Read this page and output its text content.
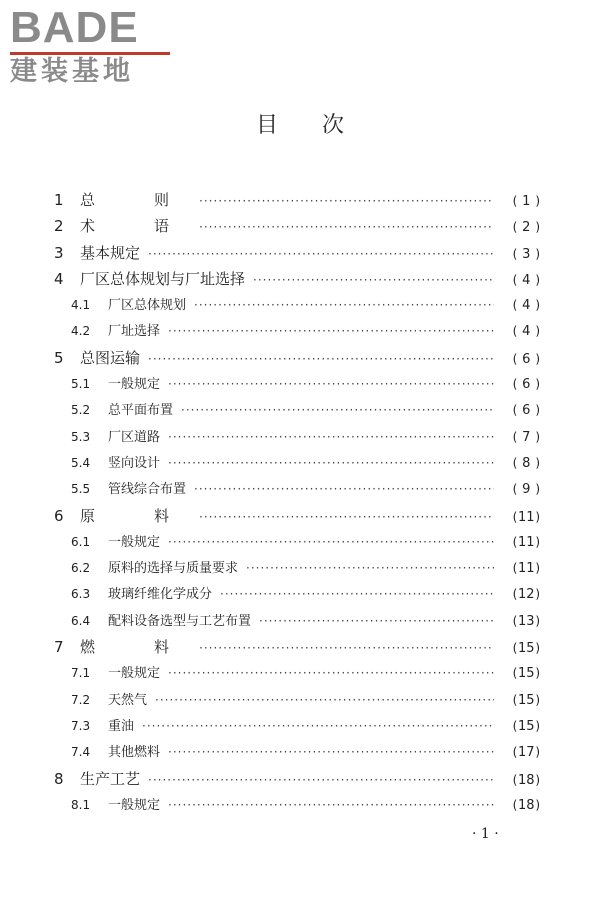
BADE
建装基地
目次
1	总　则 ·····	( 1 )
2	术　语 ·····	( 2 )
3	基本规定 ·····	( 3 )
4	厂区总体规划与厂址选择 ·····	( 4 )
4.1	厂区总体规划 ·····	( 4 )
4.2	厂址选择 ·····	( 4 )
5	总图运输 ·····	( 6 )
5.1	一般规定 ·····	( 6 )
5.2	总平面布置 ·····	( 6 )
5.3	厂区道路 ·····	( 7 )
5.4	竖向设计 ·····	( 8 )
5.5	管线综合布置 ·····	( 9 )
6	原　料 ·····	(11)
6.1	一般规定 ·····	(11)
6.2	原料的选择与质量要求 ·····	(11)
6.3	玻璃纤维化学成分 ·····	(12)
6.4	配料设备选型与工艺布置 ·····	(13)
7	燃　料 ·····	(15)
7.1	一般规定 ·····	(15)
7.2	天然气 ·····	(15)
7.3	重油 ·····	(15)
7.4	其他燃料 ·····	(17)
8	生产工艺 ·····	(18)
8.1	一般规定 ·····	(18)
· 1 ·
